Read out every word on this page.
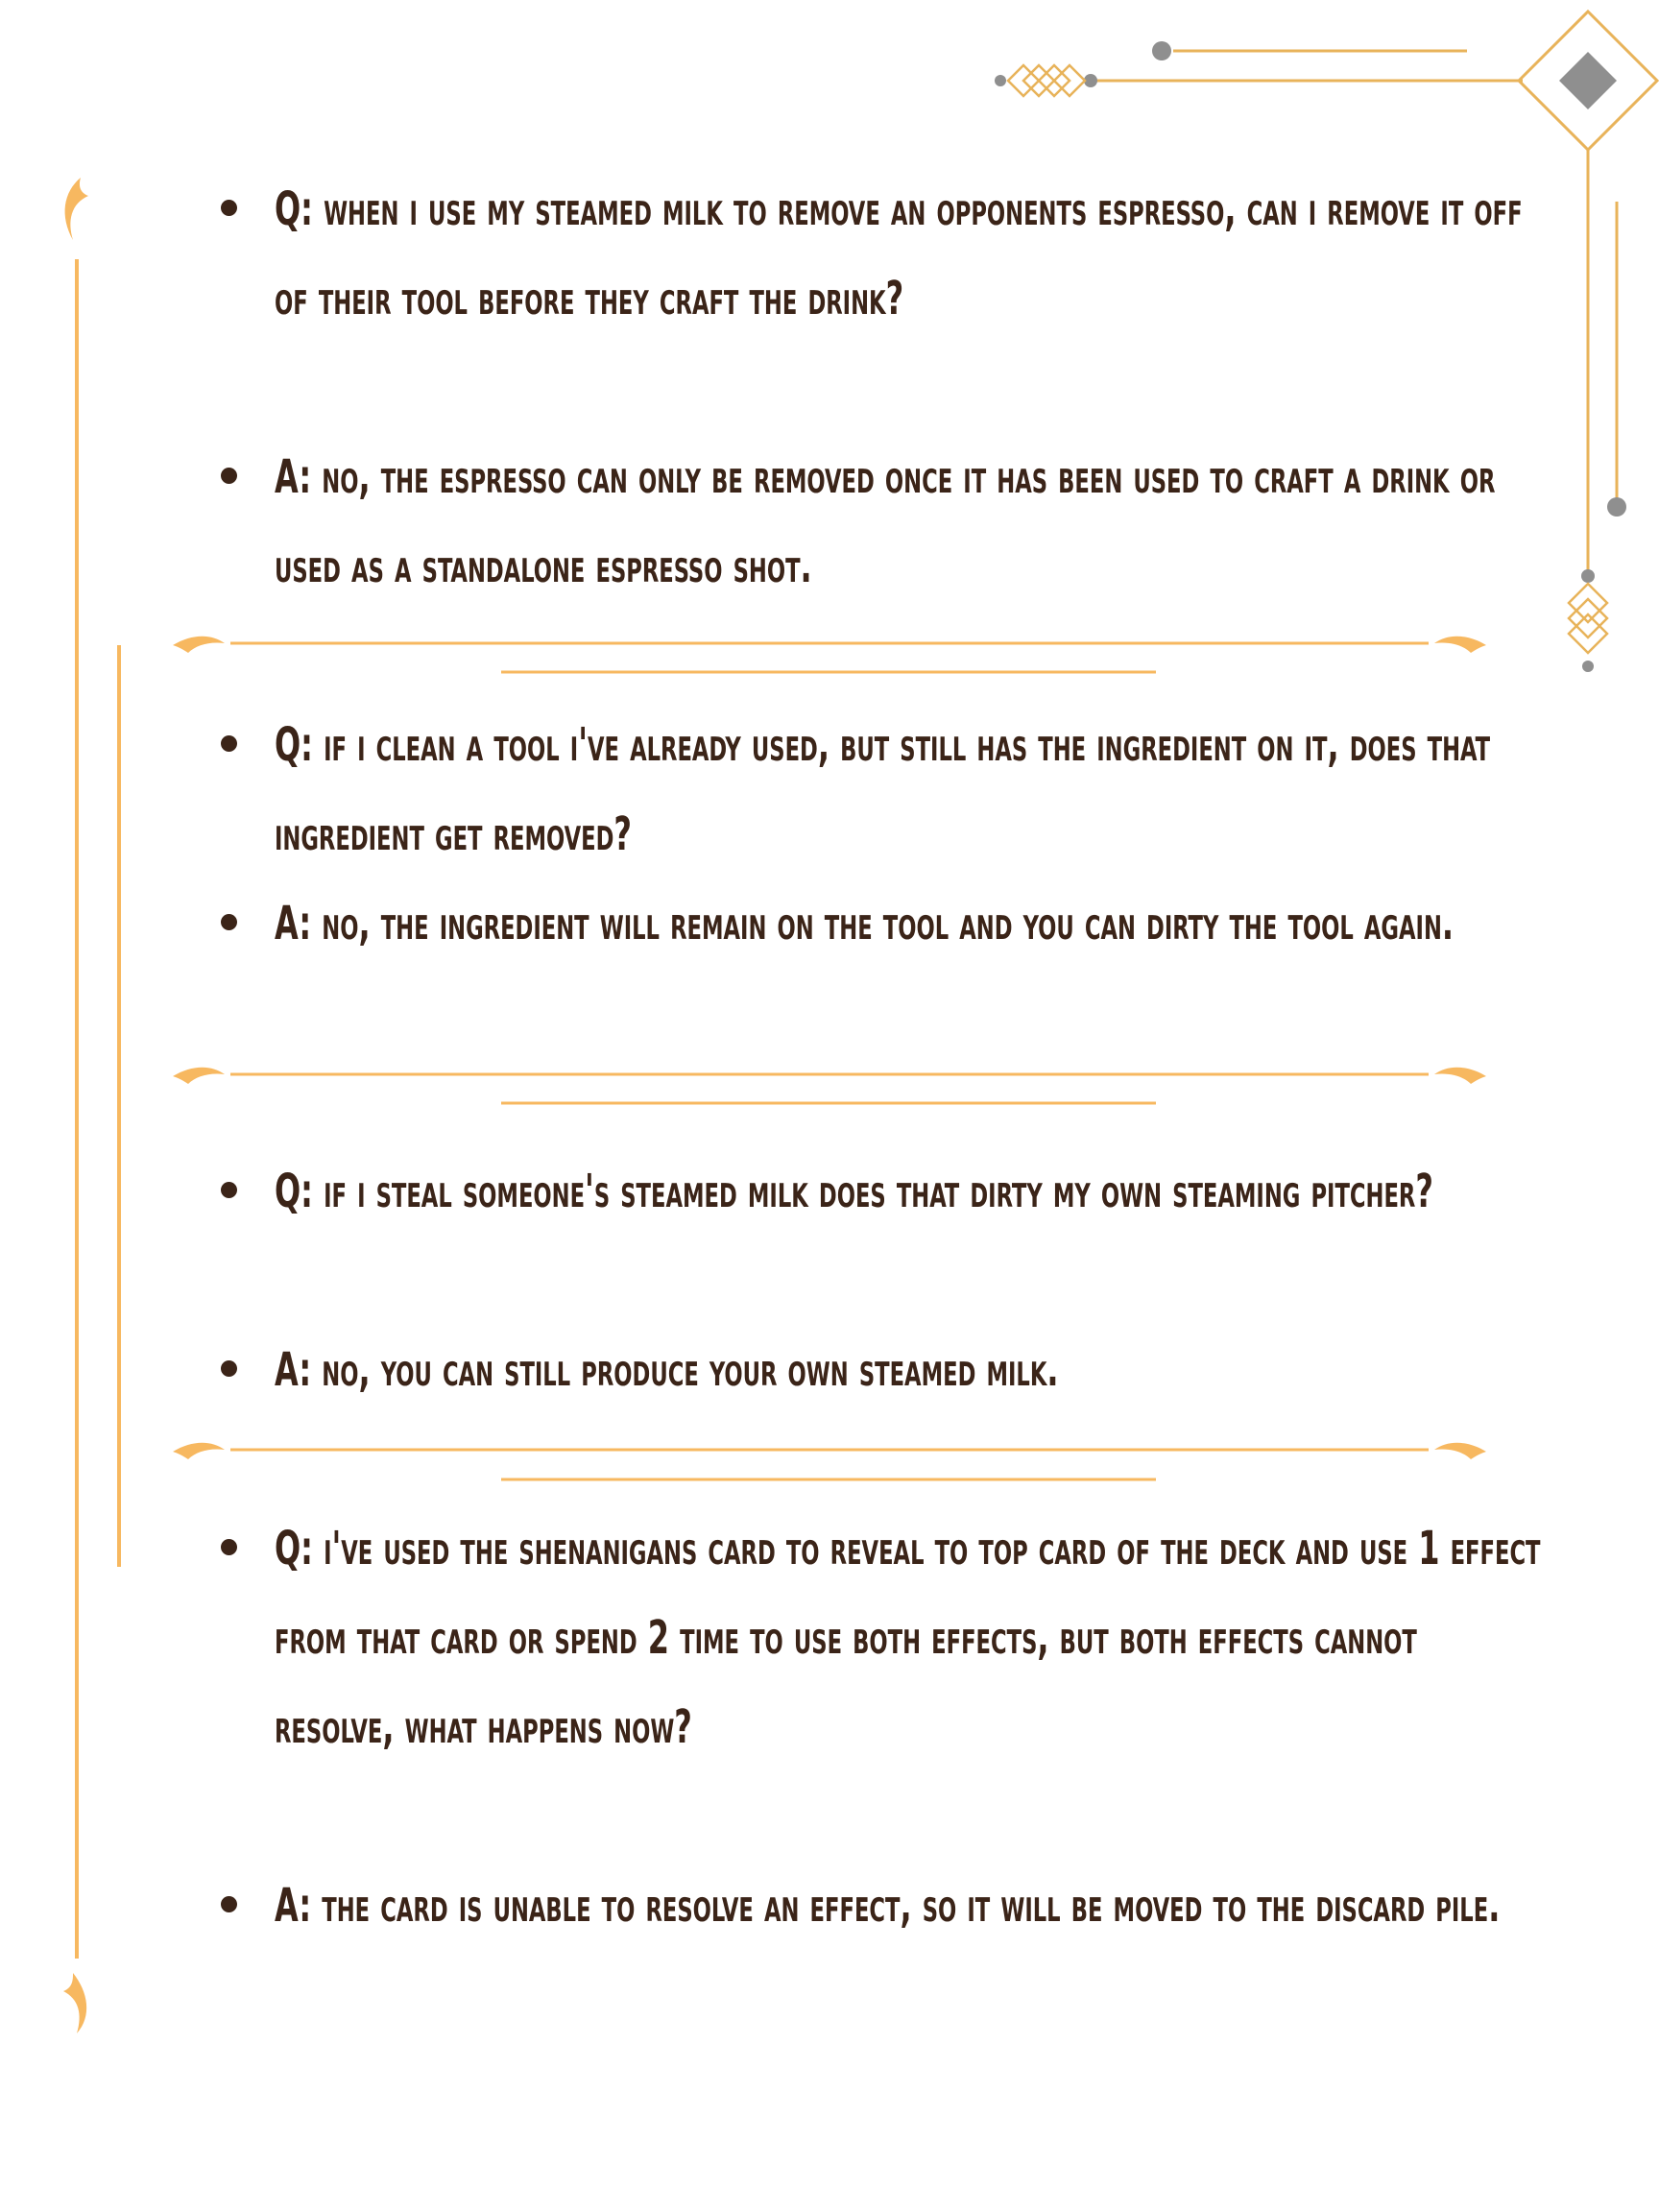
Q: when i use my steamed milk to remove an opponents espresso, can i remove it off of their tool before they craft the drink?

A: no, the espresso can only be removed once it has been used to craft a drink or used as a standalone espresso shot.

Q: if i clean a tool i've already used, but still has the ingredient on it, does that ingredient get removed?

A: no, the ingredient will remain on the tool and you can dirty the tool again.

Q: if i steal someone's steamed milk does that dirty my own steaming pitcher?

A: no, you can still produce your own steamed milk.

Q: i've used the shenanigans card to reveal to top card of the deck and use 1 effect from that card or spend 2 time to use both effects, but both effects cannot resolve, what happens now?

A: the card is unable to resolve an effect, so it will be moved to the discard pile.
